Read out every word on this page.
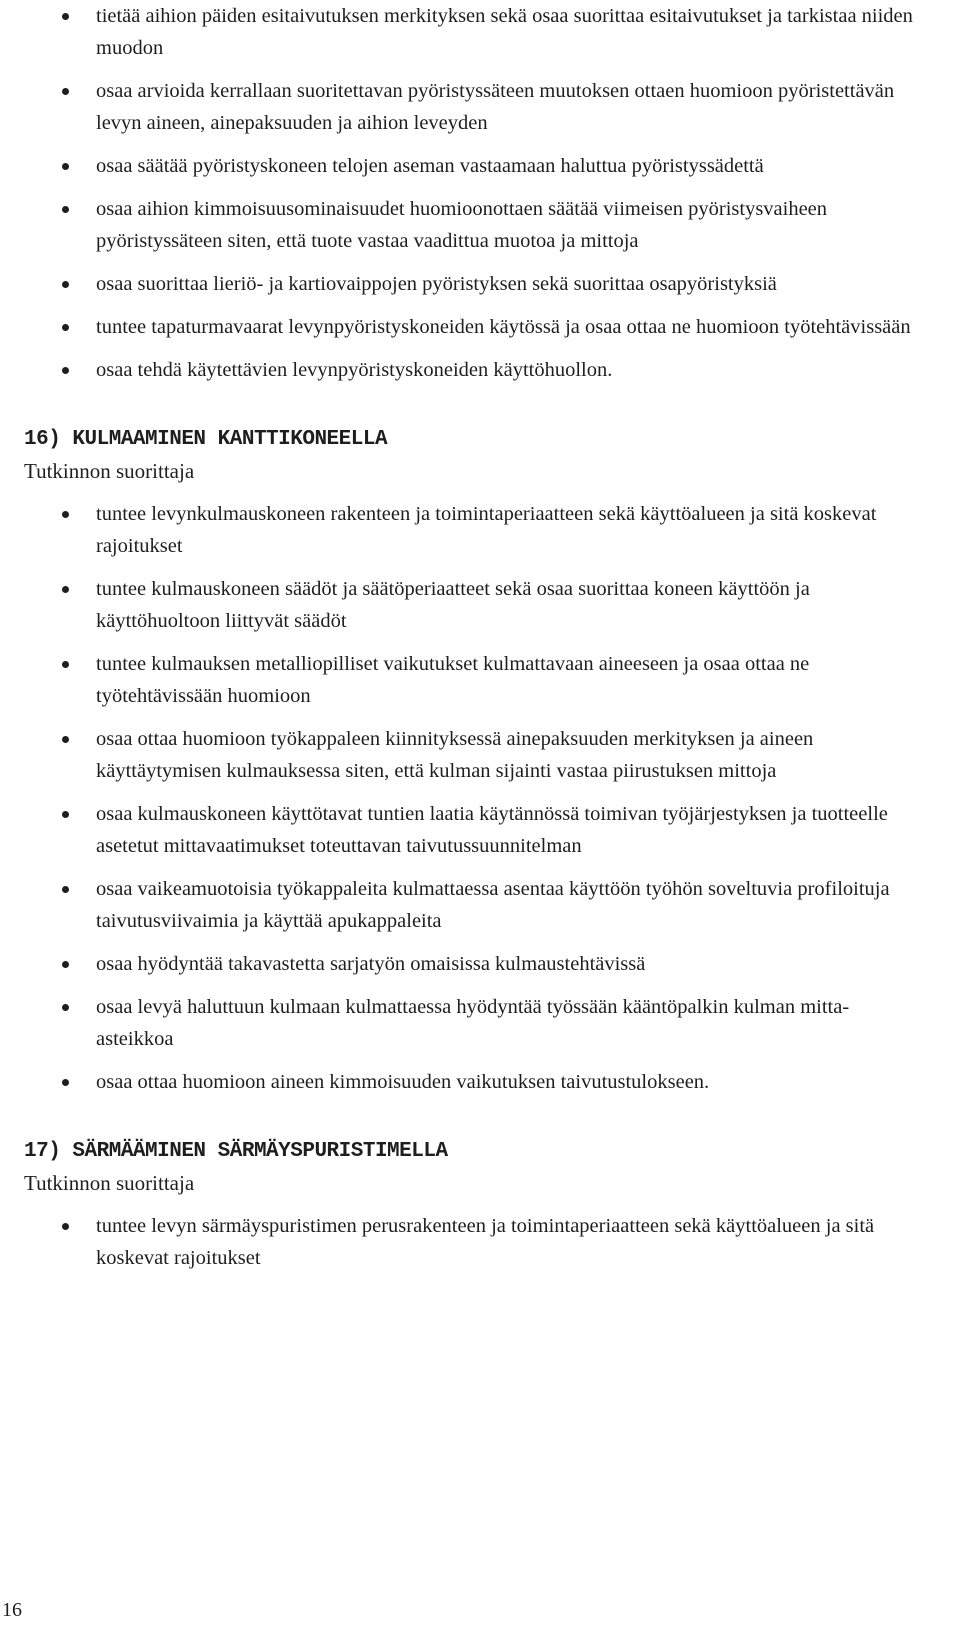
tietää aihion päiden esitaivutuksen merkityksen sekä osaa suorittaa esitaivutukset ja tarkistaa niiden muodon
osaa arvioida kerrallaan suoritettavan pyöristyssäteen muutoksen ottaen huomioon pyöristettävän levyn aineen, ainepaksuuden ja aihion leveyden
osaa säätää pyöristyskoneen telojen aseman vastaamaan haluttua pyöristyssädettä
osaa aihion kimmoisuusominaisuudet huomioonottaen säätää viimeisen pyöristysvaiheen pyöristyssäteen siten, että tuote vastaa vaadittua muotoa ja mittoja
osaa suorittaa lieriö- ja kartiovaippojen pyöristyksen sekä suorittaa osapyöristyksiä
tuntee tapaturmavaarat levynpyöristyskoneiden käytössä ja osaa ottaa ne huomioon työtehtävissään
osaa tehdä käytettävien levynpyöristyskoneiden käyttöhuollon.
16) KULMAAMINEN KANTTIKONEELLA
Tutkinnon suorittaja
tuntee levynkulmauskoneen rakenteen ja toimintaperiaatteen sekä käyttöalueen ja sitä koskevat rajoitukset
tuntee kulmauskoneen säädöt ja säätöperiaatteet sekä osaa suorittaa koneen käyttöön ja käyttöhuoltoon liittyvät säädöt
tuntee kulmauksen metalliopilliset vaikutukset kulmattavaan aineeseen ja osaa ottaa ne työtehtävissään huomioon
osaa ottaa huomioon työkappaleen kiinnityksessä ainepaksuuden merkityksen ja aineen käyttäytymisen kulmauksessa siten, että kulman sijainti vastaa piirustuksen mittoja
osaa kulmauskoneen käyttötavat tuntien laatia käytännössä toimivan työjärjestyksen ja tuotteelle asetetut mittavaatimukset toteuttavan taivutussuunnitelman
osaa vaikeamuotoisia työkappaleita kulmattaessa asentaa käyttöön työhön soveltuvia profiloituja taivutusviivaimia ja käyttää apukappaleita
osaa hyödyntää takavastetta sarjatyön omaisissa kulmaustehtävissä
osaa levyä haluttuun kulmaan kulmattaessa hyödyntää työssään kääntöpalkin kulman mitta-asteikkoa
osaa ottaa huomioon aineen kimmoisuuden vaikutuksen taivutustulokseen.
17) SÄRMÄÄMINEN SÄRMÄYSPURISTIMELLA
Tutkinnon suorittaja
tuntee levyn särmäyspuristimen perusrakenteen ja toimintaperiaatteen sekä käyttöalueen ja sitä koskevat rajoitukset
16
